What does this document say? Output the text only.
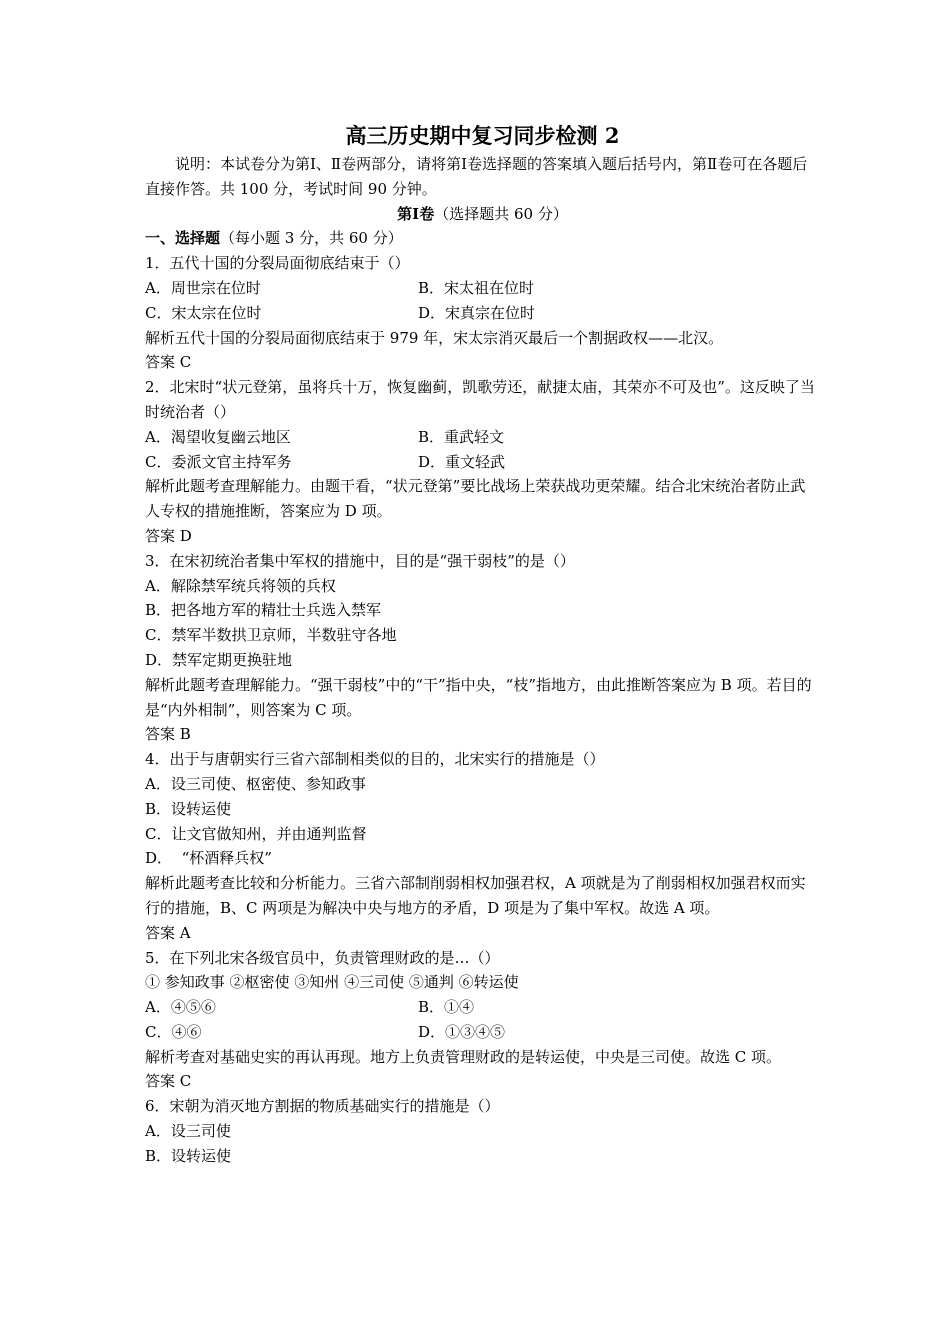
高三历史期中复习同步检测 2
说明：本试卷分为第Ⅰ、Ⅱ卷两部分，请将第Ⅰ卷选择题的答案填入题后括号内，第Ⅱ卷可在各题后直接作答。共 100 分，考试时间 90 分钟。
第Ⅰ卷（选择题共 60 分）
一、选择题（每小题 3 分，共 60 分）
1．五代十国的分裂局面彻底结束于（）
A．周世宗在位时	B．宋太祖在位时
C．宋太宗在位时	D．宋真宗在位时
解析五代十国的分裂局面彻底结束于 979 年，宋太宗消灭最后一个割据政权——北汉。
答案 C
2．北宋时“状元登第，虽将兵十万，恢复幽蓟，凯歌劳还，献捷太庙，其荣亦不可及也”。这反映了当时统治者（）
A．渴望收复幽云地区	B．重武轻文
C．委派文官主持军务	D．重文轻武
解析此题考查理解能力。由题干看，“状元登第”要比战场上荣获战功更荣耀。结合北宋统治者防止武人专权的措施推断，答案应为 D 项。
答案 D
3．在宋初统治者集中军权的措施中，目的是“强干弱枝”的是（）
A．解除禁军统兵将领的兵权
B．把各地方军的精壮士兵选入禁军
C．禁军半数拱卫京师，半数驻守各地
D．禁军定期更换驻地
解析此题考查理解能力。“强干弱枝”中的“干”指中央，“枝”指地方，由此推断答案应为 B 项。若目的是“内外相制”，则答案为 C 项。
答案 B
4．出于与唐朝实行三省六部制相类似的目的，北宋实行的措施是（）
A．设三司使、枢密使、参知政事
B．设转运使
C．让文官做知州，并由通判监督
D．  “杯酒释兵权”
解析此题考查比较和分析能力。三省六部制削弱相权加强君权，A 项就是为了削弱相权加强君权而实行的措施，B、C 两项是为解决中央与地方的矛盾，D 项是为了集中军权。故选 A 项。
答案 A
5．在下列北宋各级官员中，负责管理财政的是…（）
① 参知政事 ②枢密使 ③知州 ④三司使 ⑤通判 ⑥转运使
A．④⑤⑥	B．①④
C．④⑥	D．①③④⑤
解析考查对基础史实的再认再现。地方上负责管理财政的是转运使，中央是三司使。故选 C 项。
答案 C
6．宋朝为消灭地方割据的物质基础实行的措施是（）
A．设三司使
B．设转运使
